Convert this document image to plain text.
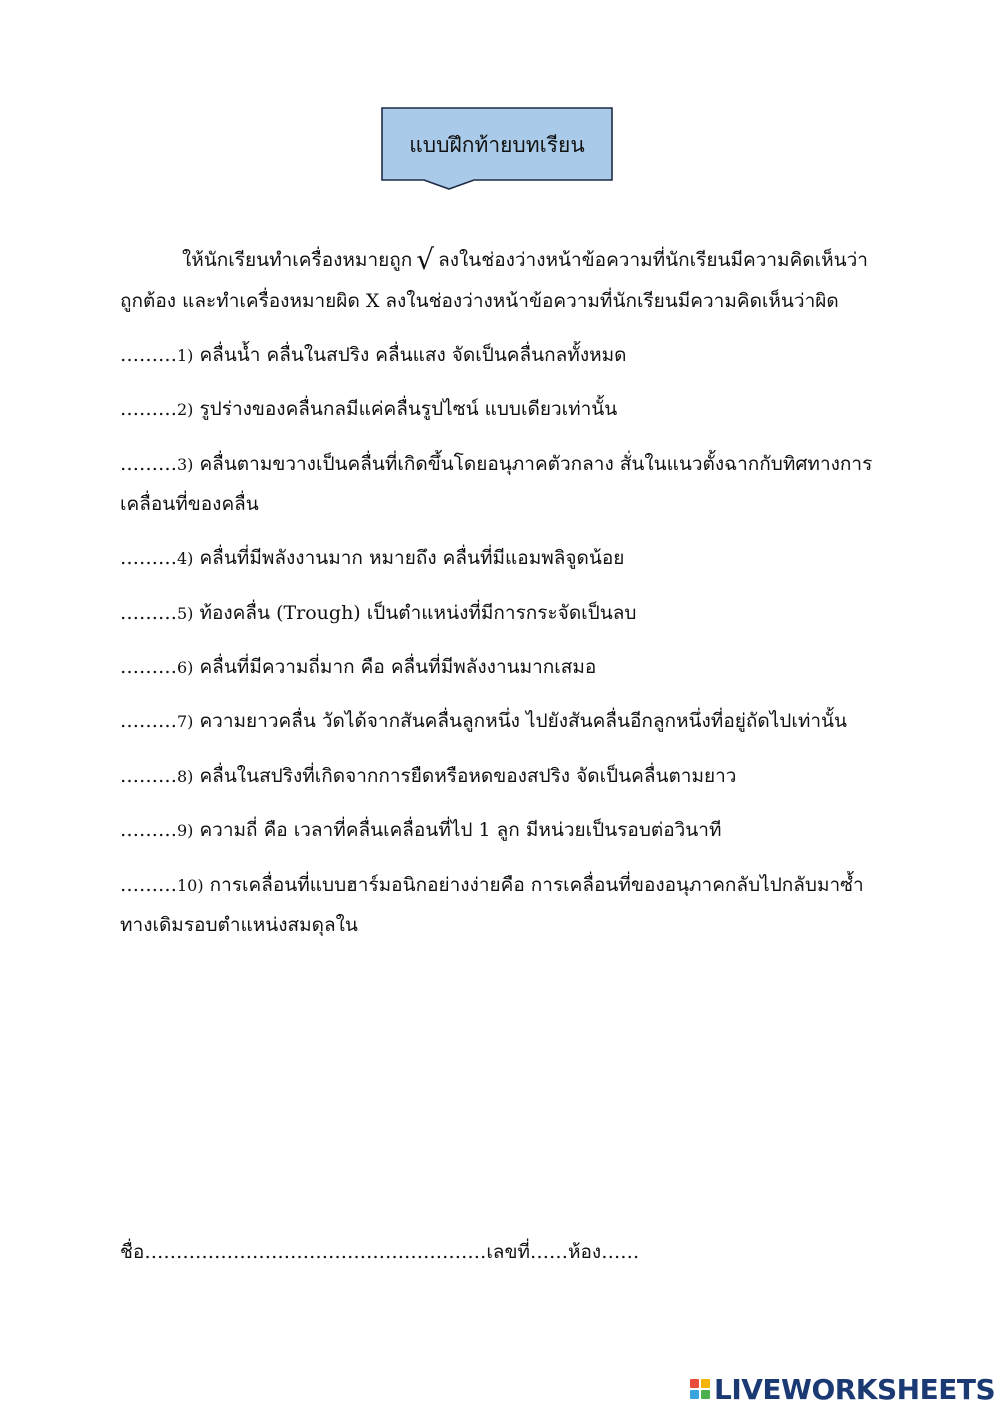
แบบฝึกท้ายบทเรียน
ให้นักเรียนทำเครื่องหมายถูก √ ลงในช่องว่างหน้าข้อความที่นักเรียนมีความคิดเห็นว่า
ถูกต้อง และทำเครื่องหมายผิด X ลงในช่องว่างหน้าข้อความที่นักเรียนมีความคิดเห็นว่าผิด
………1) คลื่นน้ำ คลื่นในสปริง คลื่นแสง จัดเป็นคลื่นกลทั้งหมด
………2) รูปร่างของคลื่นกลมีแค่คลื่นรูปไซน์ แบบเดียวเท่านั้น
………3) คลื่นตามขวางเป็นคลื่นที่เกิดขึ้นโดยอนุภาคตัวกลาง สั่นในแนวตั้งฉากกับทิศทางการ
เคลื่อนที่ของคลื่น
………4) คลื่นที่มีพลังงานมาก หมายถึง คลื่นที่มีแอมพลิจูดน้อย
………5) ท้องคลื่น (Trough) เป็นตำแหน่งที่มีการกระจัดเป็นลบ
………6) คลื่นที่มีความถี่มาก คือ คลื่นที่มีพลังงานมากเสมอ
………7) ความยาวคลื่น วัดได้จากสันคลื่นลูกหนึ่ง ไปยังสันคลื่นอีกลูกหนึ่งที่อยู่ถัดไปเท่านั้น
………8) คลื่นในสปริงที่เกิดจากการยืดหรือหดของสปริง จัดเป็นคลื่นตามยาว
………9) ความถี่ คือ เวลาที่คลื่นเคลื่อนที่ไป 1 ลูก มีหน่วยเป็นรอบต่อวินาที
………10) การเคลื่อนที่แบบฮาร์มอนิกอย่างง่ายคือ การเคลื่อนที่ของอนุภาคกลับไปกลับมาซ้ำ
ทางเดิมรอบตำแหน่งสมดุลใน
ชื่อ………………………………………………เลขที่……ห้อง……
LIVEWORKSHEETS
